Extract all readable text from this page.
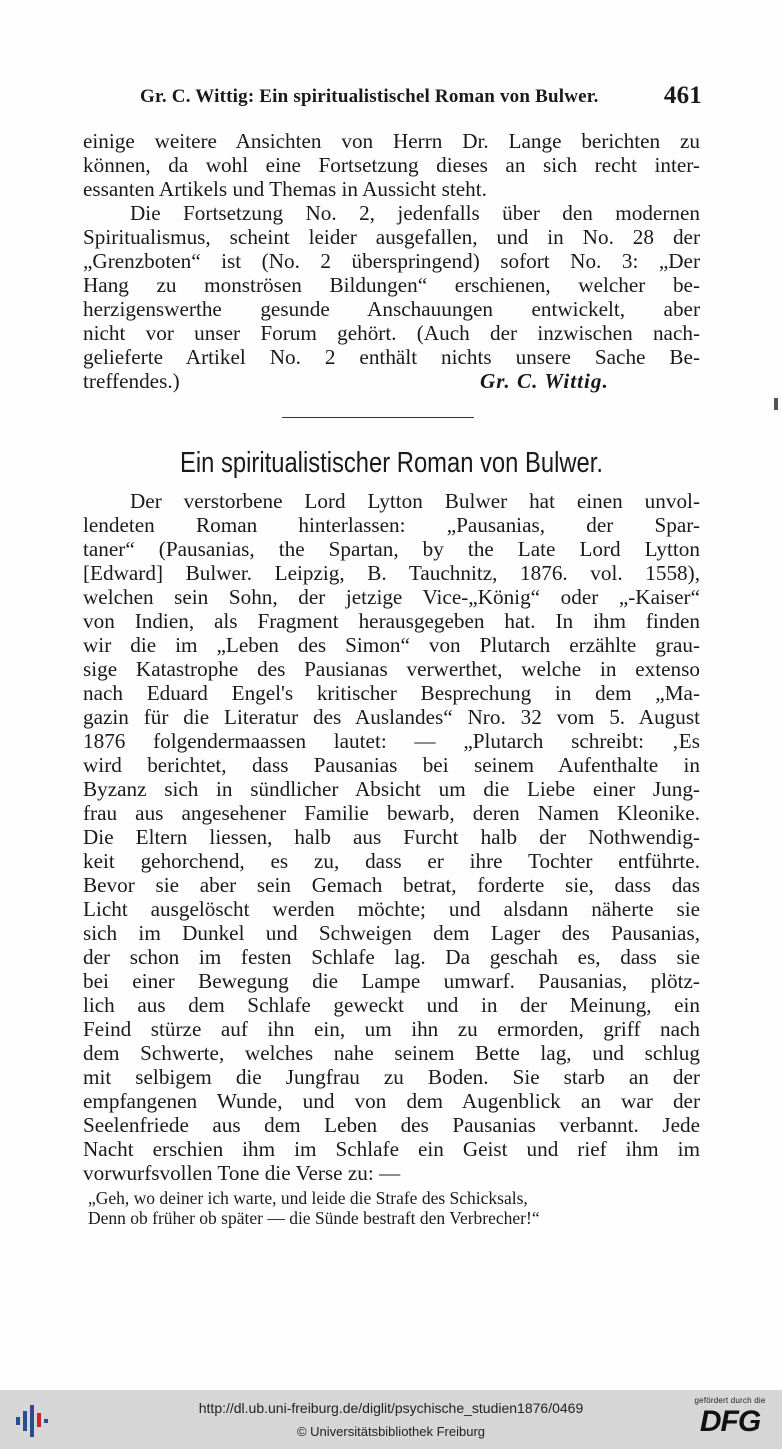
Gr. C. Wittig: Ein spiritualistischel Roman von Bulwer.	461
einige weitere Ansichten von Herrn Dr. Lange berichten zu
können, da wohl eine Fortsetzung dieses an sich recht inter-
essanten Artikels und Themas in Aussicht steht.
Die Fortsetzung No. 2, jedenfalls über den modernen
Spiritualismus, scheint leider ausgefallen, und in No. 28 der
„Grenzboten“ ist (No. 2 überspringend) sofort No. 3: „Der
Hang zu monströsen Bildungen“ erschienen, welcher be-
herzigenswerthe gesunde Anschauungen entwickelt, aber
nicht vor unser Forum gehört. (Auch der inzwischen nach-
gelieferte Artikel No. 2 enthält nichts unsere Sache Be-
treffendes.)	Gr. C. Wittig.
Ein spiritualistischer Roman von Bulwer.
Der verstorbene Lord Lytton Bulwer hat einen unvol-
lendeten Roman hinterlassen: „Pausanias, der Spar-
taner“ (Pausanias, the Spartan, by the Late Lord Lytton
[Edward] Bulwer. Leipzig, B. Tauchnitz, 1876. vol. 1558),
welchen sein Sohn, der jetzige Vice-„König“ oder „-Kaiser“
von Indien, als Fragment herausgegeben hat. In ihm finden
wir die im „Leben des Simon“ von Plutarch erzählte grau-
sige Katastrophe des Pausianas verwerthet, welche in extenso
nach Eduard Engel's kritischer Besprechung in dem „Ma-
gazin für die Literatur des Auslandes“ Nro. 32 vom 5. August
1876 folgendermaassen lautet: — „Plutarch schreibt: ‚Es
wird berichtet, dass Pausanias bei seinem Aufenthalte in
Byzanz sich in sündlicher Absicht um die Liebe einer Jung-
frau aus angesehener Familie bewarb, deren Namen Kleonike.
Die Eltern liessen, halb aus Furcht halb der Nothwendig-
keit gehorchend, es zu, dass er ihre Tochter entführte.
Bevor sie aber sein Gemach betrat, forderte sie, dass das
Licht ausgelöscht werden möchte; und alsdann näherte sie
sich im Dunkel und Schweigen dem Lager des Pausanias,
der schon im festen Schlafe lag. Da geschah es, dass sie
bei einer Bewegung die Lampe umwarf. Pausanias, plötz-
lich aus dem Schlafe geweckt und in der Meinung, ein
Feind stürze auf ihn ein, um ihn zu ermorden, griff nach
dem Schwerte, welches nahe seinem Bette lag, und schlug
mit selbigem die Jungfrau zu Boden. Sie starb an der
empfangenen Wunde, und von dem Augenblick an war der
Seelenfriede aus dem Leben des Pausanias verbannt. Jede
Nacht erschien ihm im Schlafe ein Geist und rief ihm im
vorwurfsvollen Tone die Verse zu: —
„Geh, wo deiner ich warte, und leide die Strafe des Schicksals,
Denn ob früher ob später — die Sünde bestraft den Verbrecher!“
http://dl.ub.uni-freiburg.de/diglit/psychische_studien1876/0469
© Universitätsbibliothek Freiburg
gefördert durch die
DFG
